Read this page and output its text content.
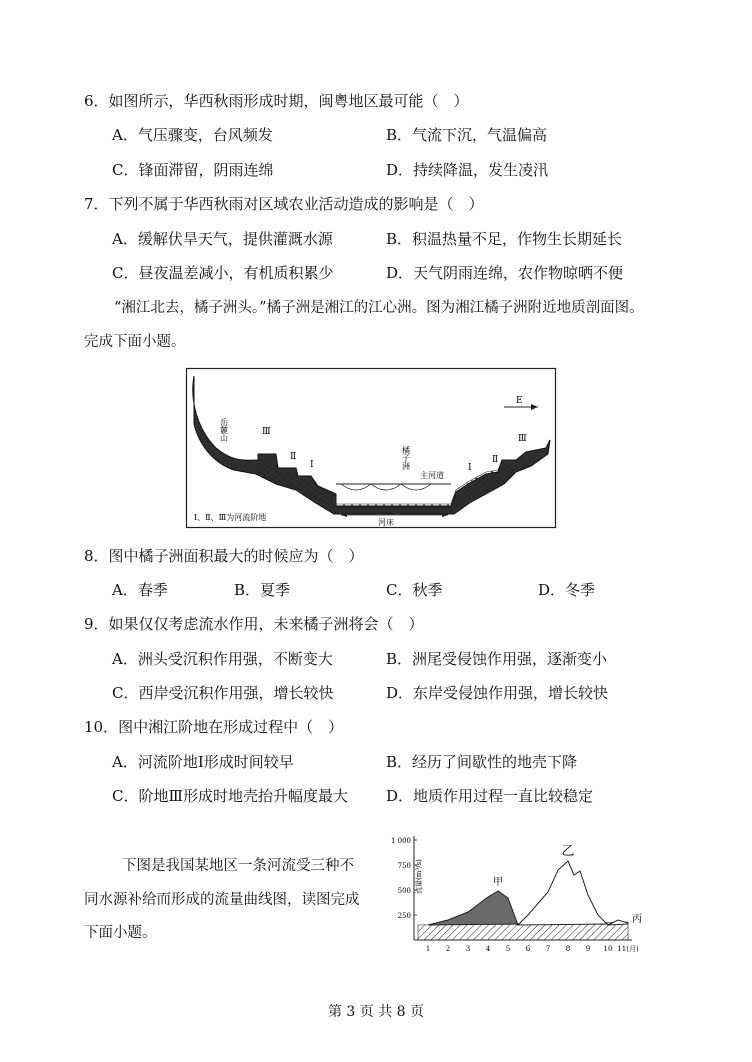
6．如图所示，华西秋雨形成时期，闽粤地区最可能（　）
A．气压骤变，台风频发	B．气流下沉，气温偏高
C．锋面滞留，阴雨连绵	D．持续降温，发生凌汛
7．下列不属于华西秋雨对区域农业活动造成的影响是（　）
A．缓解伏旱天气，提供灌溉水源	B．积温热量不足，作物生长期延长
C．昼夜温差减小，有机质积累少	D．天气阴雨连绵，农作物晾晒不便
“湘江北去，橘子洲头。”橘子洲是湘江的江心洲。图为湘江橘子洲附近地质剖面图。
完成下面小题。
岳麓山	Ⅲ
Ⅱ
Ⅰ	橘子洲
主河道
Ⅰ
Ⅱ
Ⅲ
E
河床
Ⅰ、Ⅱ、Ⅲ为河流阶地
8．图中橘子洲面积最大的时候应为（　）
A．春季	B．夏季	C．秋季	D．冬季
9．如果仅仅考虑流水作用，未来橘子洲将会（　）
A．洲头受沉积作用强，不断变大	B．洲尾受侵蚀作用强，逐渐变小
C．西岸受沉积作用强，增长较快	D．东岸受侵蚀作用强，增长较快
10．图中湘江阶地在形成过程中（　）
A．河流阶地Ⅰ形成时间较早	B．经历了间歇性的地壳下降
C．阶地Ⅲ形成时地壳抬升幅度最大	D．地质作用过程一直比较稳定
下图是我国某地区一条河流受三种不
同水源补给而形成的流量曲线图，读图完成
下面小题。
1 000
750
500
250
1 2 3 4 5 6 7 8 9 10 11(月)
甲
乙
丙
流量(m³/s)
第 3 页 共 8 页
